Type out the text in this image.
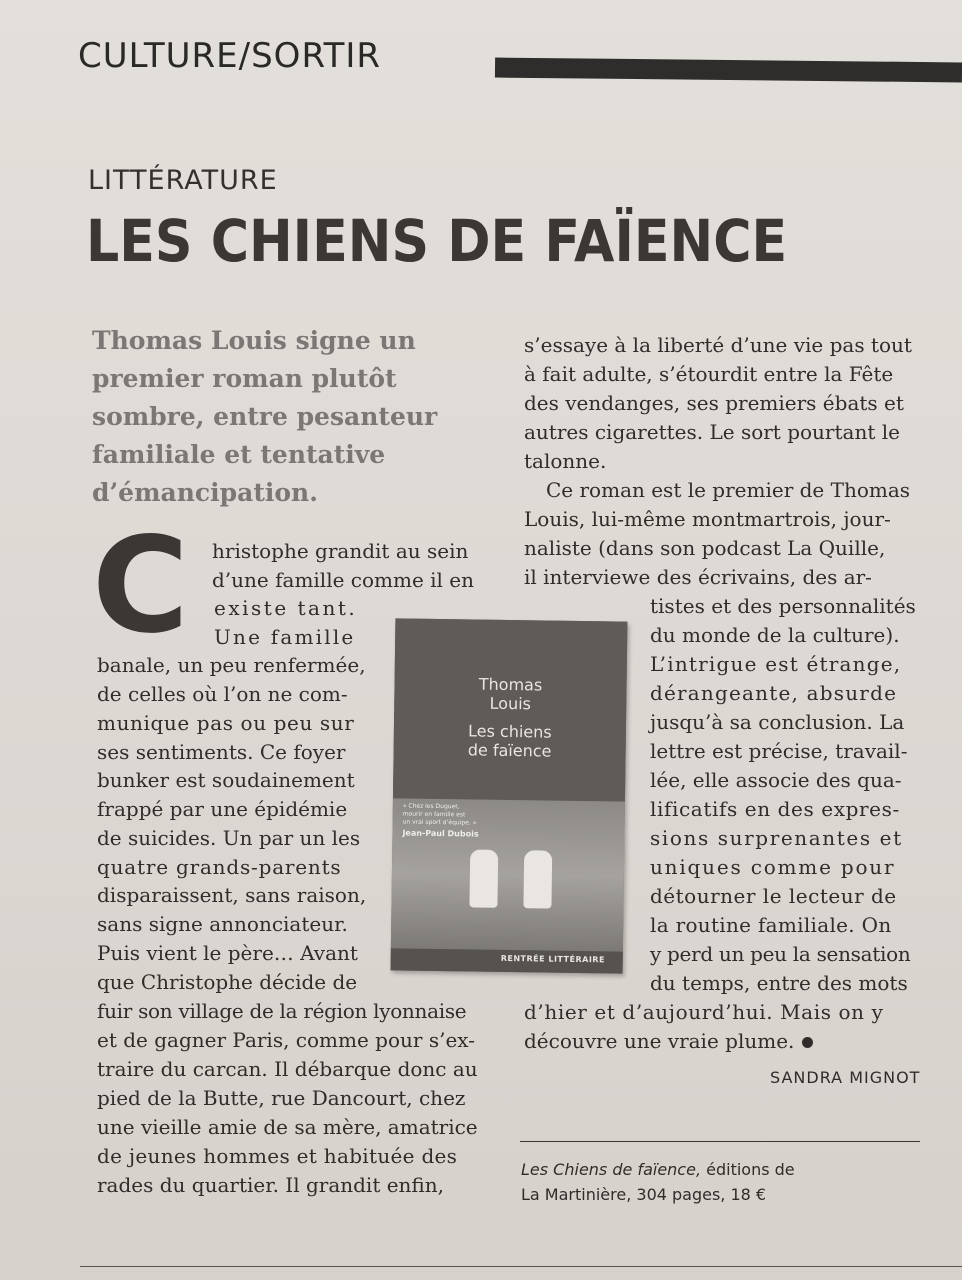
CULTURE/SORTIR
LITTÉRATURE
LES CHIENS DE FAÏENCE
Thomas Louis signe un
premier roman plutôt
sombre, entre pesanteur
familiale et tentative
d’émancipation.
C hristophe grandit au sein
d’une famille comme il en
existe tant.
Une famille
banale, un peu renfermée,
de celles où l’on ne com-
munique pas ou peu sur
ses sentiments. Ce foyer
bunker est soudainement
frappé par une épidémie
de suicides. Un par un les
quatre grands-parents
disparaissent, sans raison,
sans signe annonciateur.
Puis vient le père… Avant
que Christophe décide de
fuir son village de la région lyonnaise
et de gagner Paris, comme pour s’ex-
traire du carcan. Il débarque donc au
pied de la Butte, rue Dancourt, chez
une vieille amie de sa mère, amatrice
de jeunes hommes et habituée des
rades du quartier. Il grandit enfin,
s’essaye à la liberté d’une vie pas tout
à fait adulte, s’étourdit entre la Fête
des vendanges, ses premiers ébats et
autres cigarettes. Le sort pourtant le
talonne.
Ce roman est le premier de Thomas
Louis, lui-même montmartrois, jour-
naliste (dans son podcast La Quille,
il interviewe des écrivains, des ar-
tistes et des personnalités
du monde de la culture).
L’intrigue est étrange,
dérangeante, absurde
jusqu’à sa conclusion. La
lettre est précise, travail-
lée, elle associe des qua-
lificatifs en des expres-
sions surprenantes et
uniques comme pour
détourner le lecteur de
la routine familiale. On
y perd un peu la sensation
du temps, entre des mots
d’hier et d’aujourd’hui. Mais on y
découvre une vraie plume.
SANDRA MIGNOT
Les Chiens de faïence, éditions de
La Martinière, 304 pages, 18 €
Thomas
Louis
Les chiens
de faïence
« Chez les Duguet,
mourir en famille est
un vrai sport d’équipe. »
Jean-Paul Dubois
RENTRÉE LITTÉRAIRE
